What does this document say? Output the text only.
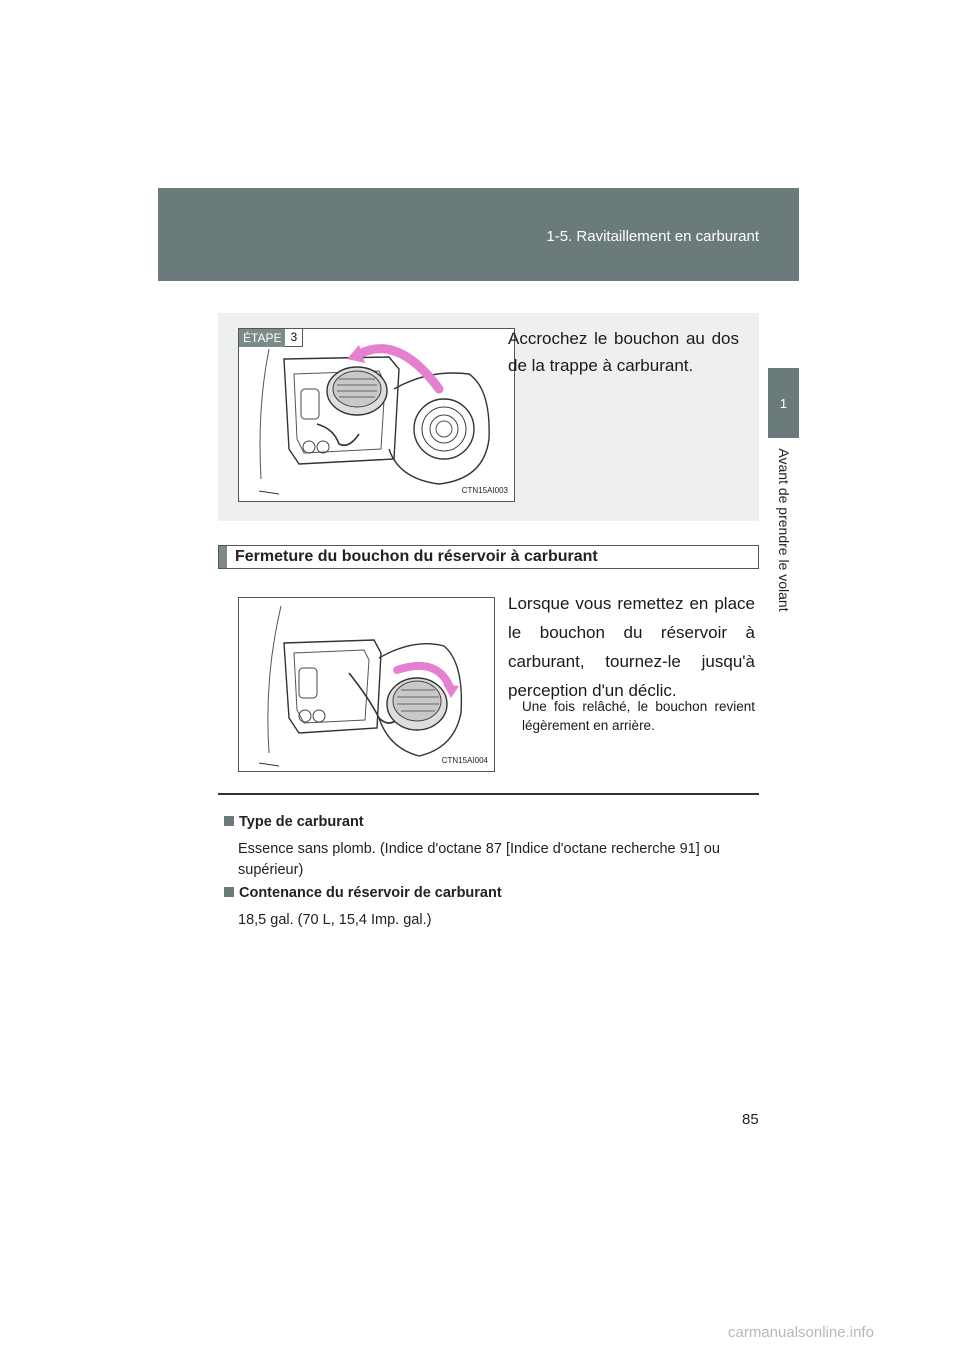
1-5. Ravitaillement en carburant
1
Avant de prendre le volant
ÉTAPE 3
CTN15AI003
Accrochez le bouchon au dos de la trappe à carburant.
Fermeture du bouchon du réservoir à carburant
CTN15AI004
Lorsque vous remettez en place le bouchon du réservoir à carburant, tournez-le jusqu'à perception d'un déclic.
Une fois relâché, le bouchon revient légèrement en arrière.
Type de carburant
Essence sans plomb. (Indice d'octane 87 [Indice d'octane recherche 91] ou supérieur)
Contenance du réservoir de carburant
18,5 gal. (70 L, 15,4 Imp. gal.)
85
carmanualsonline.info
